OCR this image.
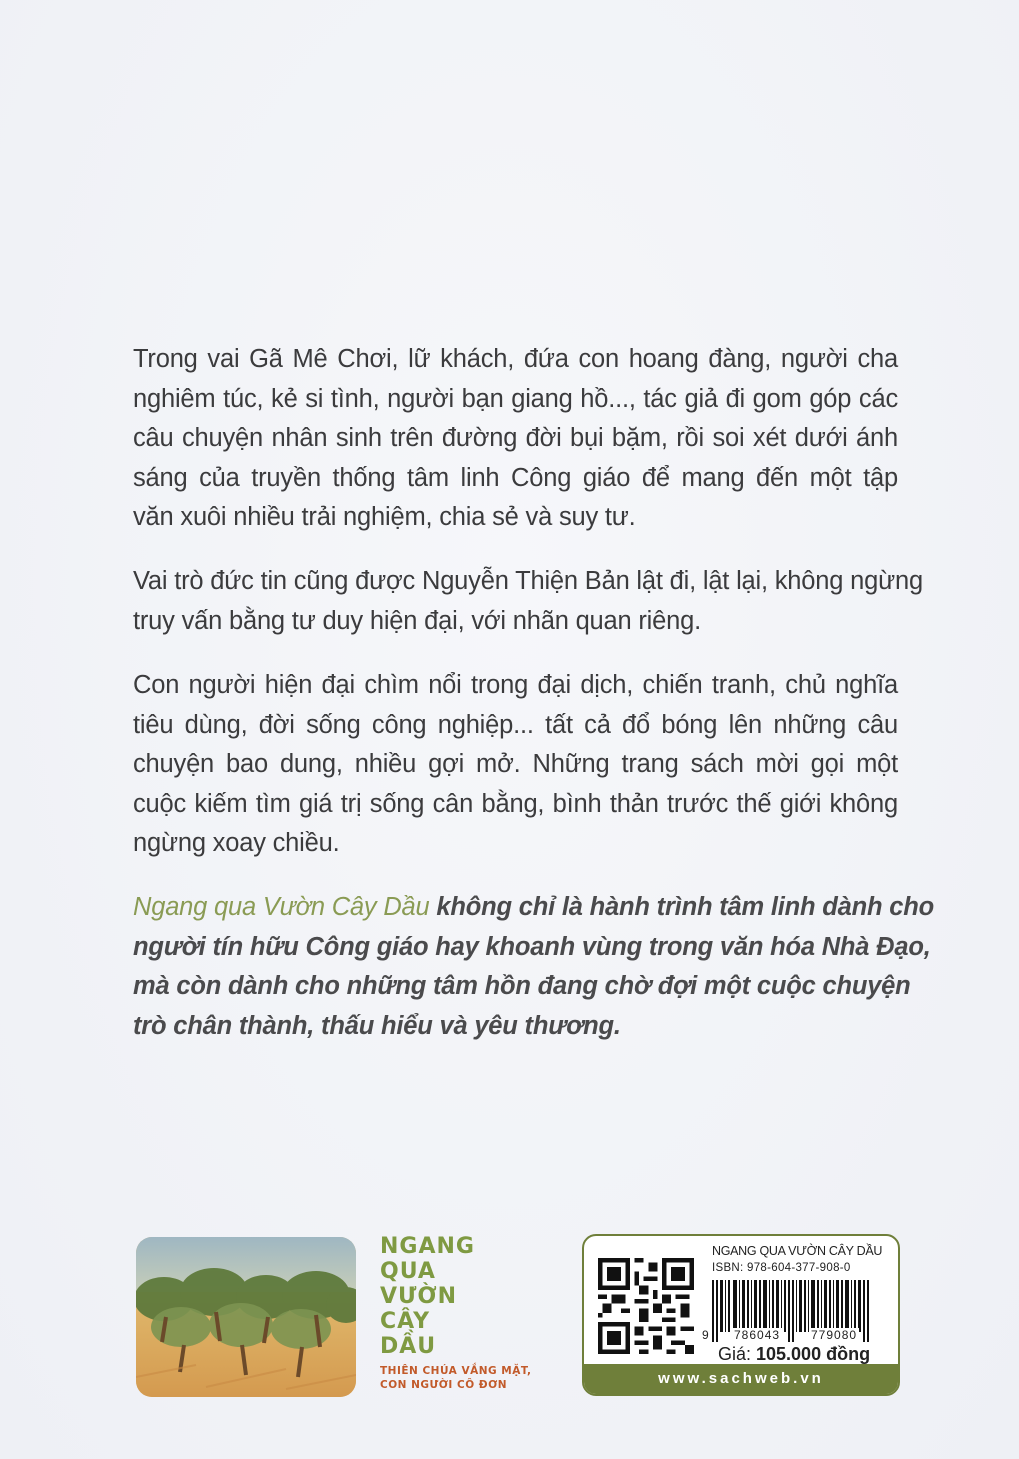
Trong vai Gã Mê Chơi, lữ khách, đứa con hoang đàng, người cha
nghiêm túc, kẻ si tình, người bạn giang hồ..., tác giả đi gom góp các
câu chuyện nhân sinh trên đường đời bụi bặm, rồi soi xét dưới ánh
sáng của truyền thống tâm linh Công giáo để mang đến một tập
văn xuôi nhiều trải nghiệm, chia sẻ và suy tư.
Vai trò đức tin cũng được Nguyễn Thiện Bản lật đi, lật lại, không ngừng
truy vấn bằng tư duy hiện đại, với nhãn quan riêng.
Con người hiện đại chìm nổi trong đại dịch, chiến tranh, chủ nghĩa
tiêu dùng, đời sống công nghiệp... tất cả đổ bóng lên những câu
chuyện bao dung, nhiều gợi mở. Những trang sách mời gọi một
cuộc kiếm tìm giá trị sống cân bằng, bình thản trước thế giới không
ngừng xoay chiều.
Ngang qua Vườn Cây Dầu không chỉ là hành trình tâm linh dành cho
người tín hữu Công giáo hay khoanh vùng trong văn hóa Nhà Đạo,
mà còn dành cho những tâm hồn đang chờ đợi một cuộc chuyện
trò chân thành, thấu hiểu và yêu thương.
NGANG
QUA
VƯỜN
CÂY
DẦU
THIÊN CHÚA VẮNG MẶT,
CON NGƯỜI CÔ ĐƠN
NGANG QUA VƯỜN CÂY DẦU
ISBN: 978-604-377-908-0
9 786043	779080
Giá: 105.000 đồng
www.sachweb.vn
